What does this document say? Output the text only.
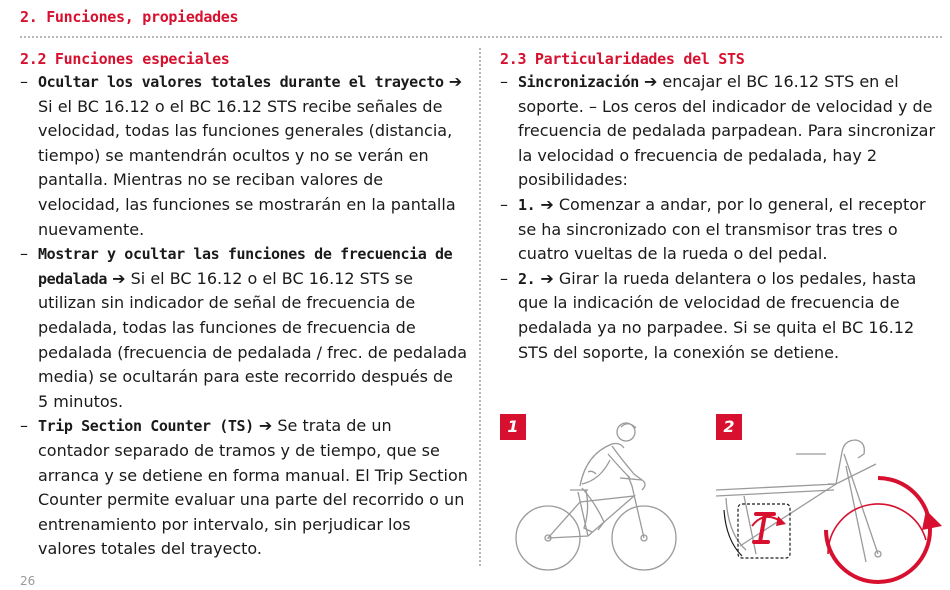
2. Funciones, propiedades
2.2 Funciones especiales
– Ocultar los valores totales durante el trayecto ➔ Si el BC 16.12 o el BC 16.12 STS recibe señales de velocidad, todas las funciones generales (distancia, tiempo) se mantendrán ocultos y no se verán en pantalla. Mientras no se reciban valores de velocidad, las funciones se mostrarán en la pantalla nuevamente.
– Mostrar y ocultar las funciones de frecuencia de pedalada ➔ Si el BC 16.12 o el BC 16.12 STS se utilizan sin indicador de señal de frecuencia de pedalada, todas las funciones de frecuencia de pedalada (frecuencia de pedalada / frec. de pedalada media) se ocultarán para este recorrido después de 5 minutos.
– Trip Section Counter (TS) ➔ Se trata de un contador separado de tramos y de tiempo, que se arranca y se detiene en forma manual. El Trip Section Counter permite evaluar una parte del recorrido o un entrenamiento por intervalo, sin perjudicar los valores totales del trayecto.
2.3 Particularidades del STS
– Sincronización ➔ encajar el BC 16.12 STS en el soporte. – Los ceros del indicador de velocidad y de frecuencia de pedalada parpadean. Para sincronizar la velocidad o frecuencia de pedalada, hay 2 posibilidades:
– 1. ➔ Comenzar a andar, por lo general, el receptor se ha sincronizado con el transmisor tras tres o cuatro vueltas de la rueda o del pedal.
– 2. ➔ Girar la rueda delantera o los pedales, hasta que la indicación de velocidad de frecuencia de pedalada ya no parpadee. Si se quita el BC 16.12 STS del soporte, la conexión se detiene.
1	2
26
